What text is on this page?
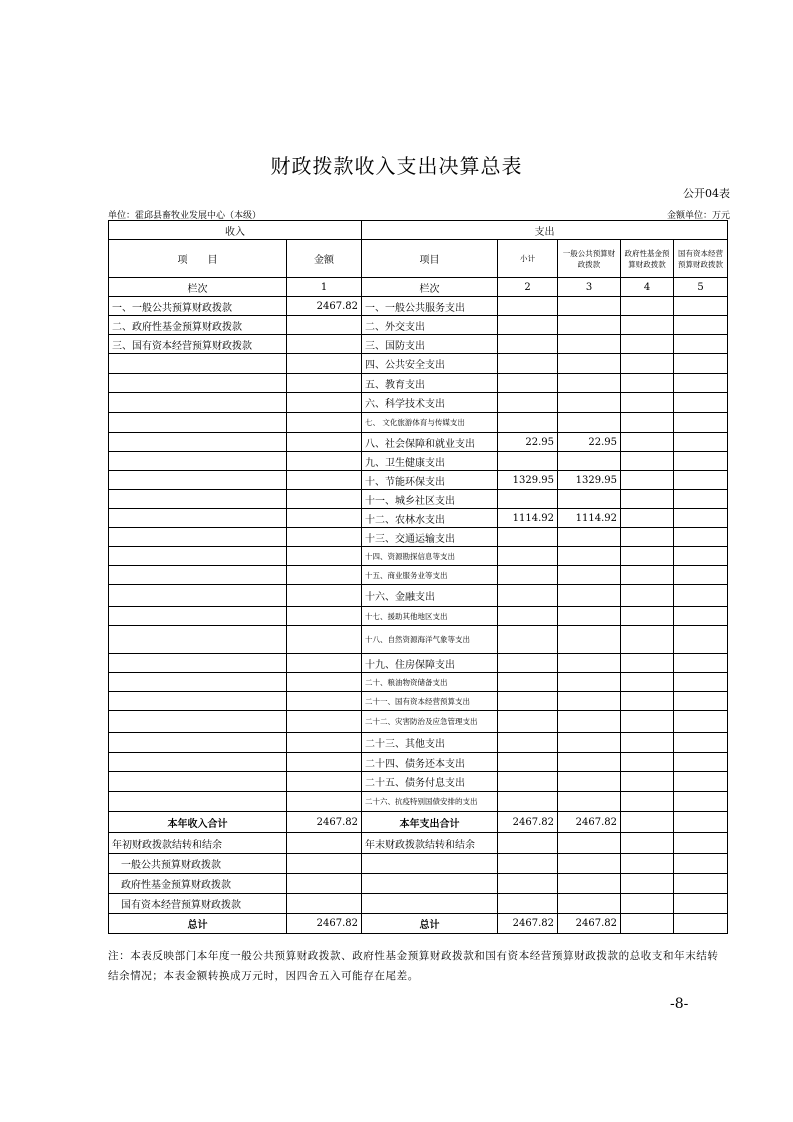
财政拨款收入支出决算总表
公开04表
单位：霍邱县畜牧业发展中心（本级）	金额单位：万元
收入		支出				
项　　目	金额	项目	小计	一般公共预算财政拨款	政府性基金预算财政拨款	国有资本经营预算财政拨款
栏次	1	栏次	2	3	4	5
一、一般公共预算财政拨款	2467.82	一、一般公共服务支出				
二、政府性基金预算财政拨款		二、外交支出				
三、国有资本经营预算财政拨款		三、国防支出				
		四、公共安全支出				
		五、教育支出				
		六、科学技术支出				
		七、 文化旅游体育与传媒支出				
		八、社会保障和就业支出	22.95	22.95		
		九、卫生健康支出				
		十、节能环保支出	1329.95	1329.95		
		十一、城乡社区支出				
		十二、农林水支出	1114.92	1114.92		
		十三、交通运输支出				
		十四、资源勘探信息等支出				
		十五、商业服务业等支出				
		十六、金融支出				
		十七、援助其他地区支出				
		十八、自然资源海洋气象等支出				
		十九、住房保障支出				
		二十、粮油物资储备支出				
		二十一、国有资本经营预算支出				
		二十二、灾害防治及应急管理支出				
		二十三、其他支出				
		二十四、债务还本支出				
		二十五、债务付息支出				
		二十六、抗疫特别国债安排的支出				
本年收入合计	2467.82	本年支出合计	2467.82	2467.82		
年初财政拨款结转和结余		年末财政拨款结转和结余				
一般公共预算财政拨款						
政府性基金预算财政拨款						
国有资本经营预算财政拨款						
总计	2467.82	总计	2467.82	2467.82		
注：本表反映部门本年度一般公共预算财政拨款、政府性基金预算财政拨款和国有资本经营预算财政拨款的总收支和年末结转结余情况；本表金额转换成万元时，因四舍五入可能存在尾差。
-8-
